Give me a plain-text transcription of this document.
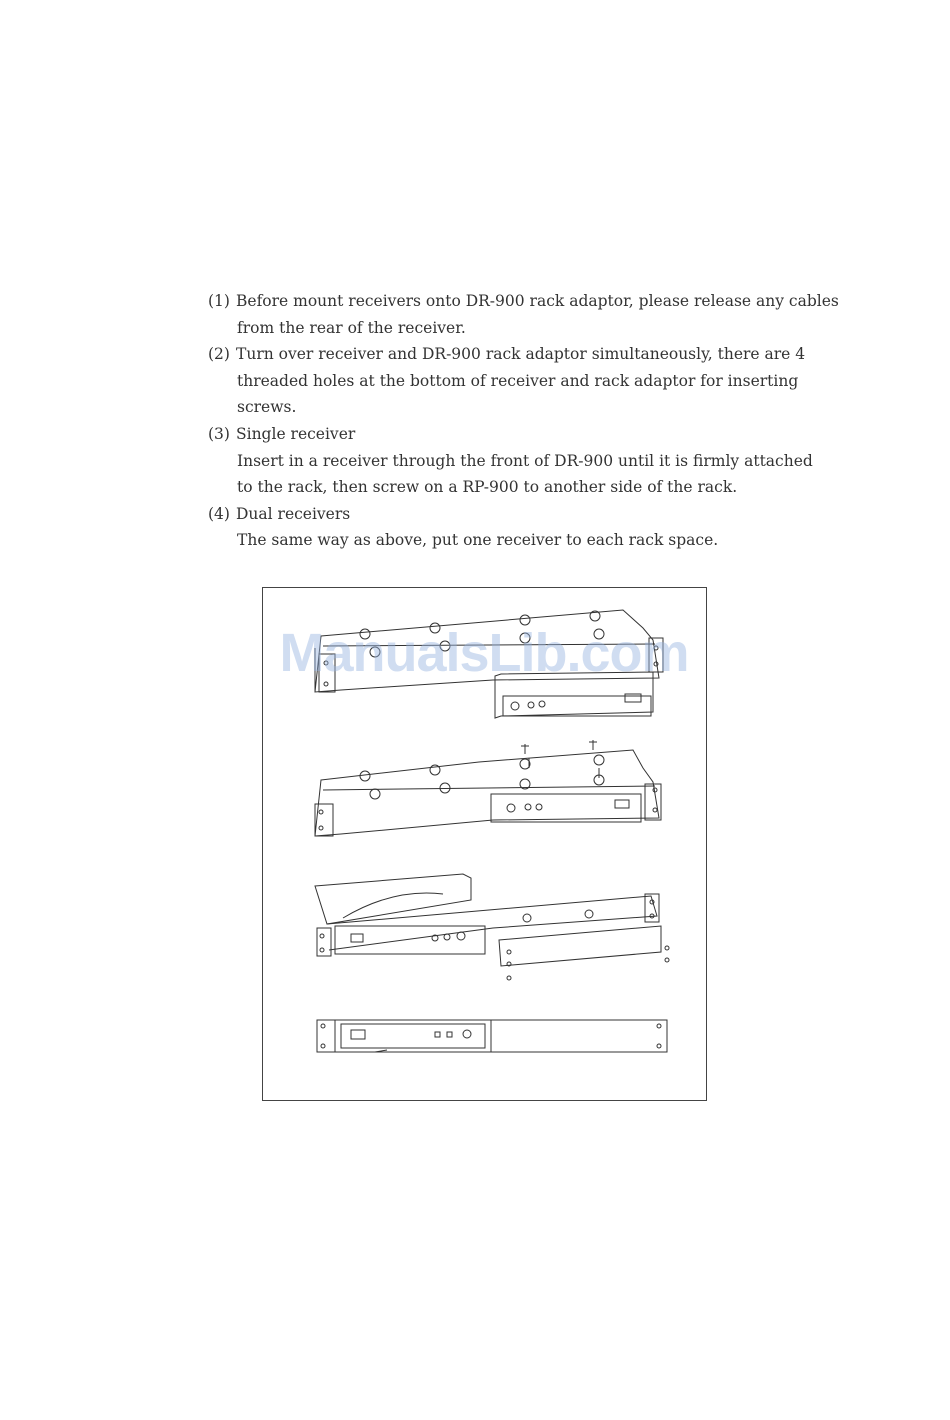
(1) Before mount receivers onto DR-900 rack adaptor, please release any cables
from the rear of the receiver.
(2) Turn over receiver and DR-900 rack adaptor simultaneously, there are 4
threaded holes at the bottom of receiver and rack adaptor for inserting
screws.
(3) Single receiver
Insert in a receiver through the front of DR-900 until it is firmly attached
to the rack, then screw on a RP-900 to another side of the rack.
(4) Dual receivers
The same way as above, put one receiver to each rack space.
ManualsLib.com
